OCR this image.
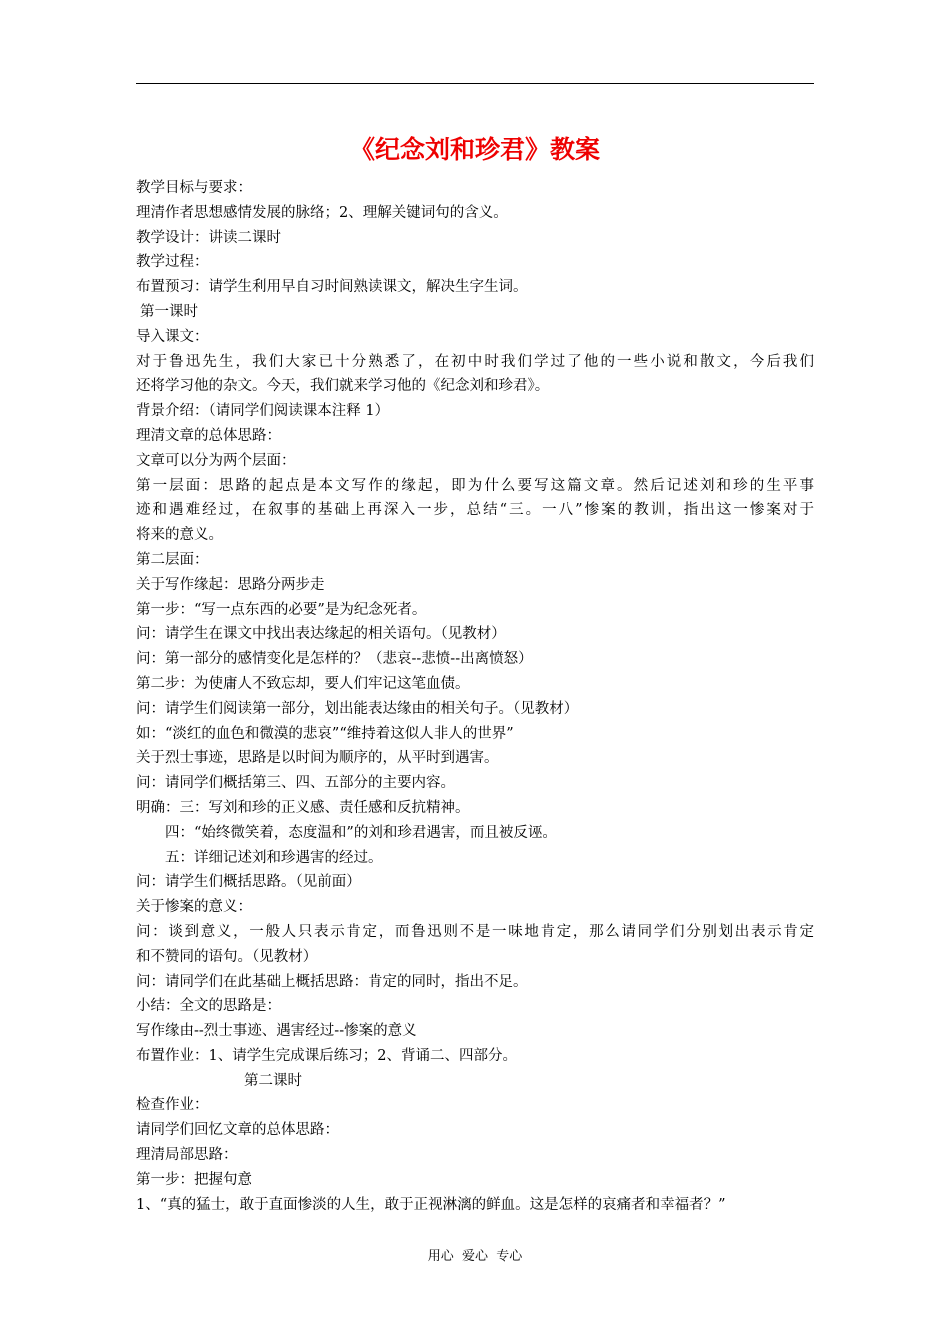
《纪念刘和珍君》教案

教学目标与要求：

理清作者思想感情发展的脉络；2、理解关键词句的含义。

教学设计：讲读二课时

教学过程：

布置预习：请学生利用早自习时间熟读课文，解决生字生词。

第一课时

导入课文：

对于鲁迅先生，我们大家已十分熟悉了，在初中时我们学过了他的一些小说和散文，今后我们

还将学习他的杂文。今天，我们就来学习他的《纪念刘和珍君》。

背景介绍：（请同学们阅读课本注释 1）

理清文章的总体思路：

文章可以分为两个层面：

第一层面：思路的起点是本文写作的缘起，即为什么要写这篇文章。然后记述刘和珍的生平事

迹和遇难经过，在叙事的基础上再深入一步，总结“三。一八”惨案的教训，指出这一惨案对于

将来的意义。

第二层面：

关于写作缘起：思路分两步走

第一步：“写一点东西的必要”是为纪念死者。

问：请学生在课文中找出表达缘起的相关语句。（见教材）

问：第一部分的感情变化是怎样的？（悲哀--悲愤--出离愤怒）

第二步：为使庸人不致忘却，要人们牢记这笔血债。

问：请学生们阅读第一部分，划出能表达缘由的相关句子。（见教材）

如：“淡红的血色和微漠的悲哀”“维持着这似人非人的世界”

关于烈士事迹，思路是以时间为顺序的，从平时到遇害。

问：请同学们概括第三、四、五部分的主要内容。

明确：三：写刘和珍的正义感、责任感和反抗精神。

四：“始终微笑着，态度温和”的刘和珍君遇害，而且被反诬。

五：详细记述刘和珍遇害的经过。

问：请学生们概括思路。（见前面）

关于惨案的意义：

问：谈到意义，一般人只表示肯定，而鲁迅则不是一味地肯定，那么请同学们分别划出表示肯定

和不赞同的语句。（见教材）

问：请同学们在此基础上概括思路：肯定的同时，指出不足。

小结：全文的思路是：

写作缘由--烈士事迹、遇害经过--惨案的意义

布置作业：1、请学生完成课后练习；2、背诵二、四部分。

第二课时

检查作业：

请同学们回忆文章的总体思路：

理清局部思路：

第一步：把握句意

1、“真的猛士，敢于直面惨淡的人生，敢于正视淋漓的鲜血。这是怎样的哀痛者和幸福者？”

用心  爱心  专心
